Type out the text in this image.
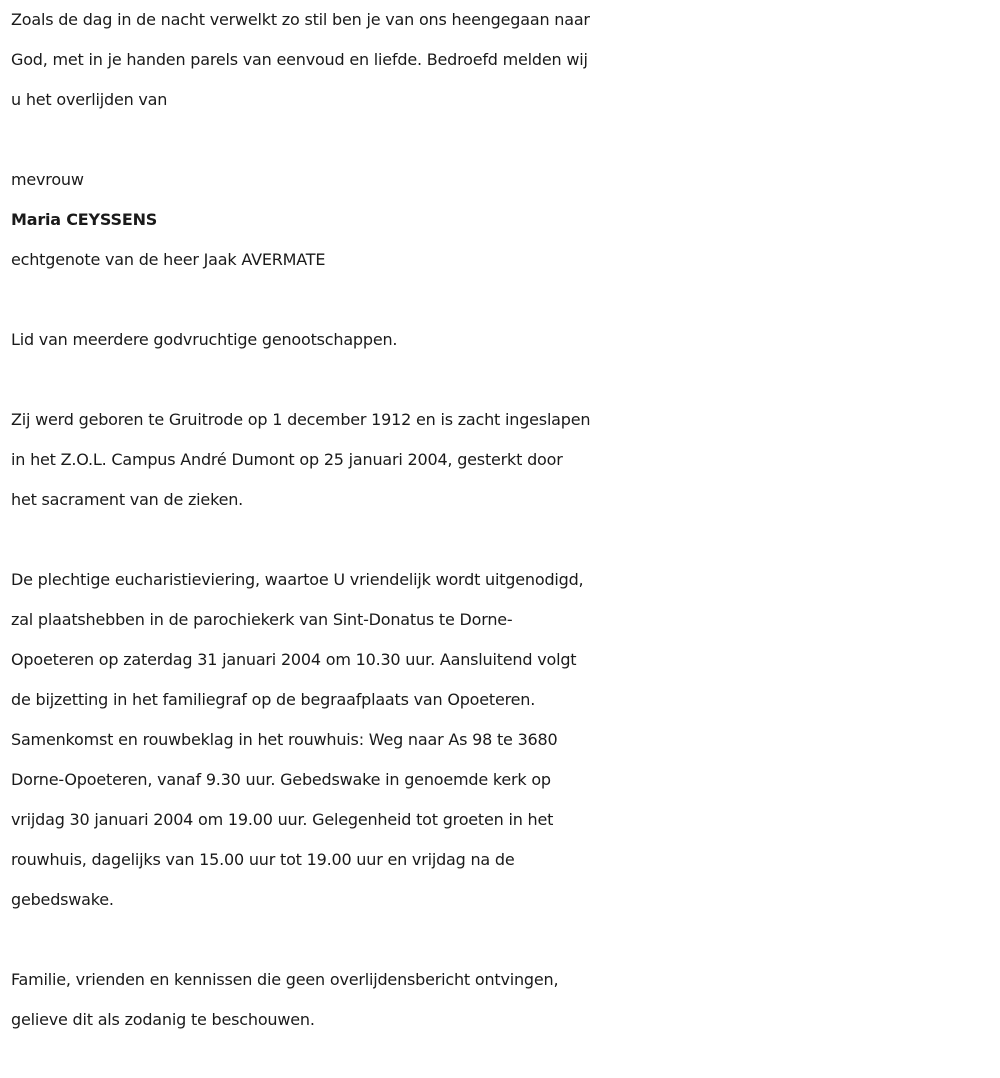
Zoals de dag in de nacht verwelkt zo stil ben je van ons heengegaan naar
God, met in je handen parels van eenvoud en liefde. Bedroefd melden wij
u het overlijden van
mevrouw
Maria CEYSSENS
echtgenote van de heer Jaak AVERMATE
Lid van meerdere godvruchtige genootschappen.
Zij werd geboren te Gruitrode op 1 december 1912 en is zacht ingeslapen
in het Z.O.L. Campus André Dumont op 25 januari 2004, gesterkt door
het sacrament van de zieken.
De plechtige eucharistieviering, waartoe U vriendelijk wordt uitgenodigd,
zal plaatshebben in de parochiekerk van Sint-Donatus te Dorne-
Opoeteren op zaterdag 31 januari 2004 om 10.30 uur. Aansluitend volgt
de bijzetting in het familiegraf op de begraafplaats van Opoeteren.
Samenkomst en rouwbeklag in het rouwhuis: Weg naar As 98 te 3680
Dorne-Opoeteren, vanaf 9.30 uur. Gebedswake in genoemde kerk op
vrijdag 30 januari 2004 om 19.00 uur. Gelegenheid tot groeten in het
rouwhuis, dagelijks van 15.00 uur tot 19.00 uur en vrijdag na de
gebedswake.
Familie, vrienden en kennissen die geen overlijdensbericht ontvingen,
gelieve dit als zodanig te beschouwen.
